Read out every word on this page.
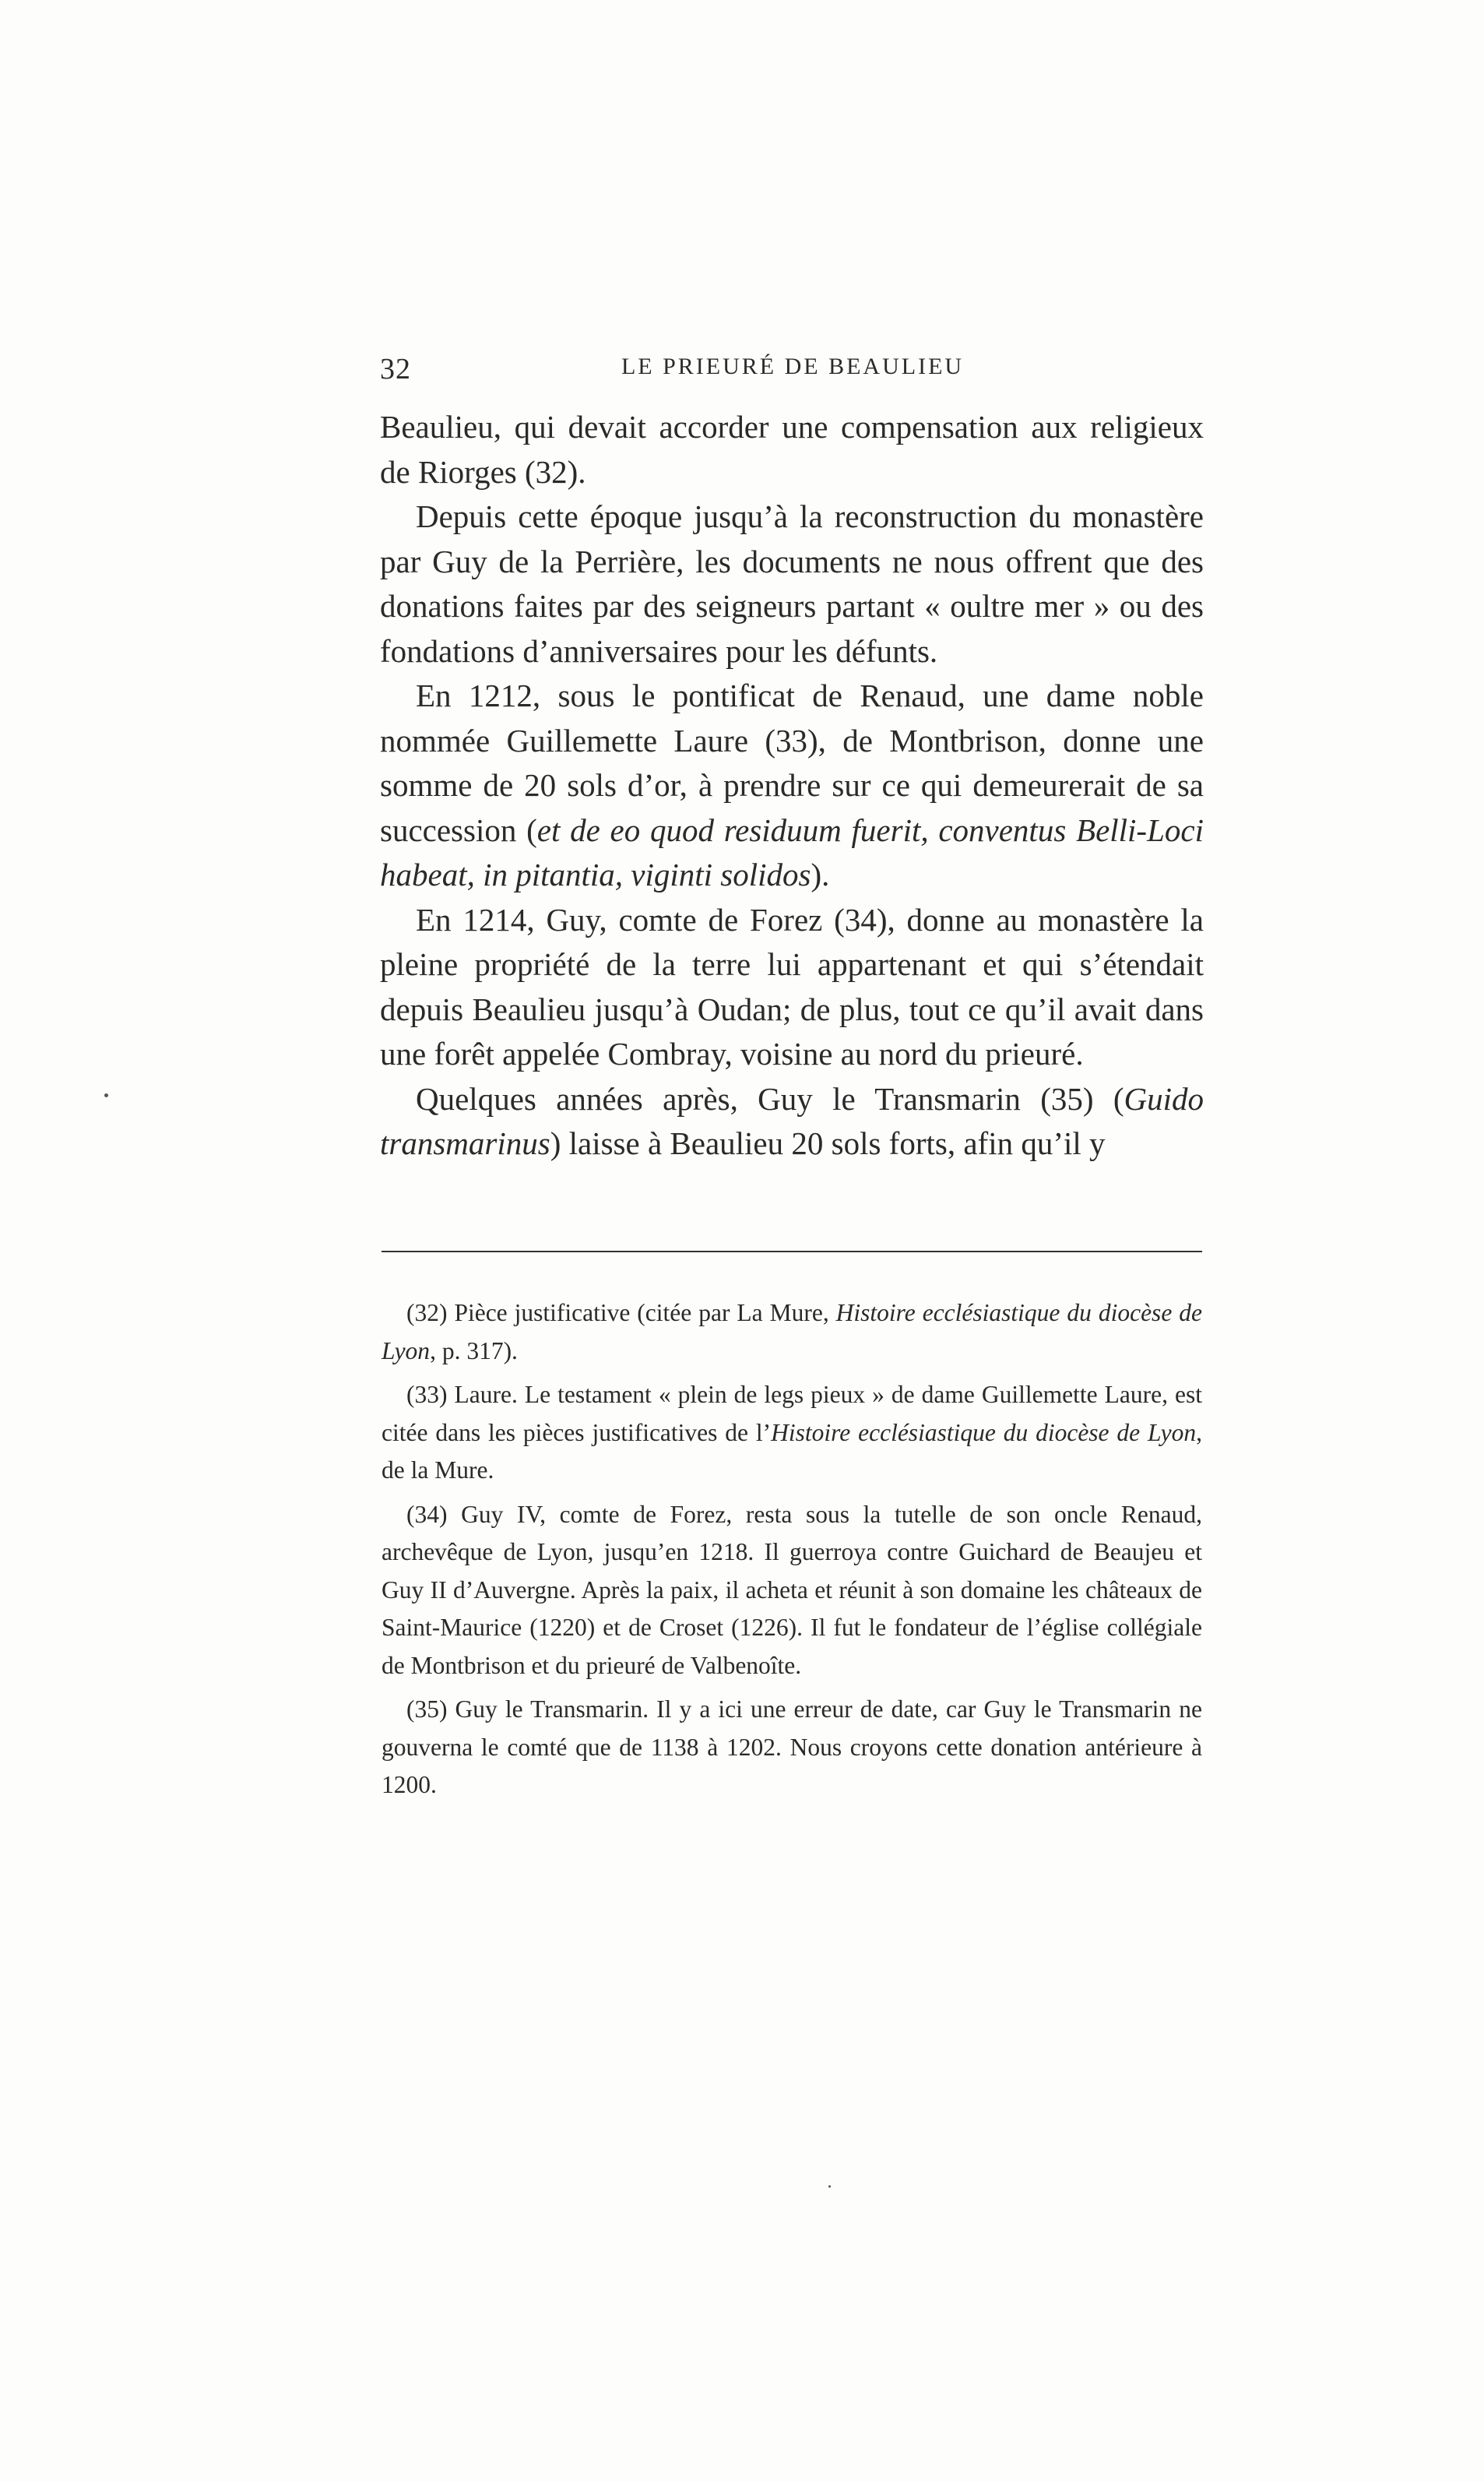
32	LE PRIEURÉ DE BEAULIEU

Beaulieu, qui devait accorder une compensation aux religieux de Riorges (32).

Depuis cette époque jusqu’à la reconstruction du monastère par Guy de la Perrière, les documents ne nous offrent que des donations faites par des seigneurs partant « oultre mer » ou des fondations d’anniversaires pour les défunts.

En 1212, sous le pontificat de Renaud, une dame noble nommée Guillemette Laure (33), de Montbrison, donne une somme de 20 sols d’or, à prendre sur ce qui demeurerait de sa succession (et de eo quod residuum fuerit, conventus Belli-Loci habeat, in pitantia, viginti solidos).

En 1214, Guy, comte de Forez (34), donne au monastère la pleine propriété de la terre lui appartenant et qui s’étendait depuis Beaulieu jusqu’à Oudan; de plus, tout ce qu’il avait dans une forêt appelée Combray, voisine au nord du prieuré.

Quelques années après, Guy le Transmarin (35) (Guido transmarinus) laisse à Beaulieu 20 sols forts, afin qu’il y

(32) Pièce justificative (citée par La Mure, Histoire ecclésiastique du diocèse de Lyon, p. 317).

(33) Laure. Le testament « plein de legs pieux » de dame Guillemette Laure, est citée dans les pièces justificatives de l’Histoire ecclésiastique du diocèse de Lyon, de la Mure.

(34) Guy IV, comte de Forez, resta sous la tutelle de son oncle Renaud, archevêque de Lyon, jusqu’en 1218. Il guerroya contre Guichard de Beaujeu et Guy II d’Auvergne. Après la paix, il acheta et réunit à son domaine les châteaux de Saint-Maurice (1220) et de Croset (1226). Il fut le fondateur de l’église collégiale de Montbrison et du prieuré de Valbenoîte.

(35) Guy le Transmarin. Il y a ici une erreur de date, car Guy le Transmarin ne gouverna le comté que de 1138 à 1202. Nous croyons cette donation antérieure à 1200.
